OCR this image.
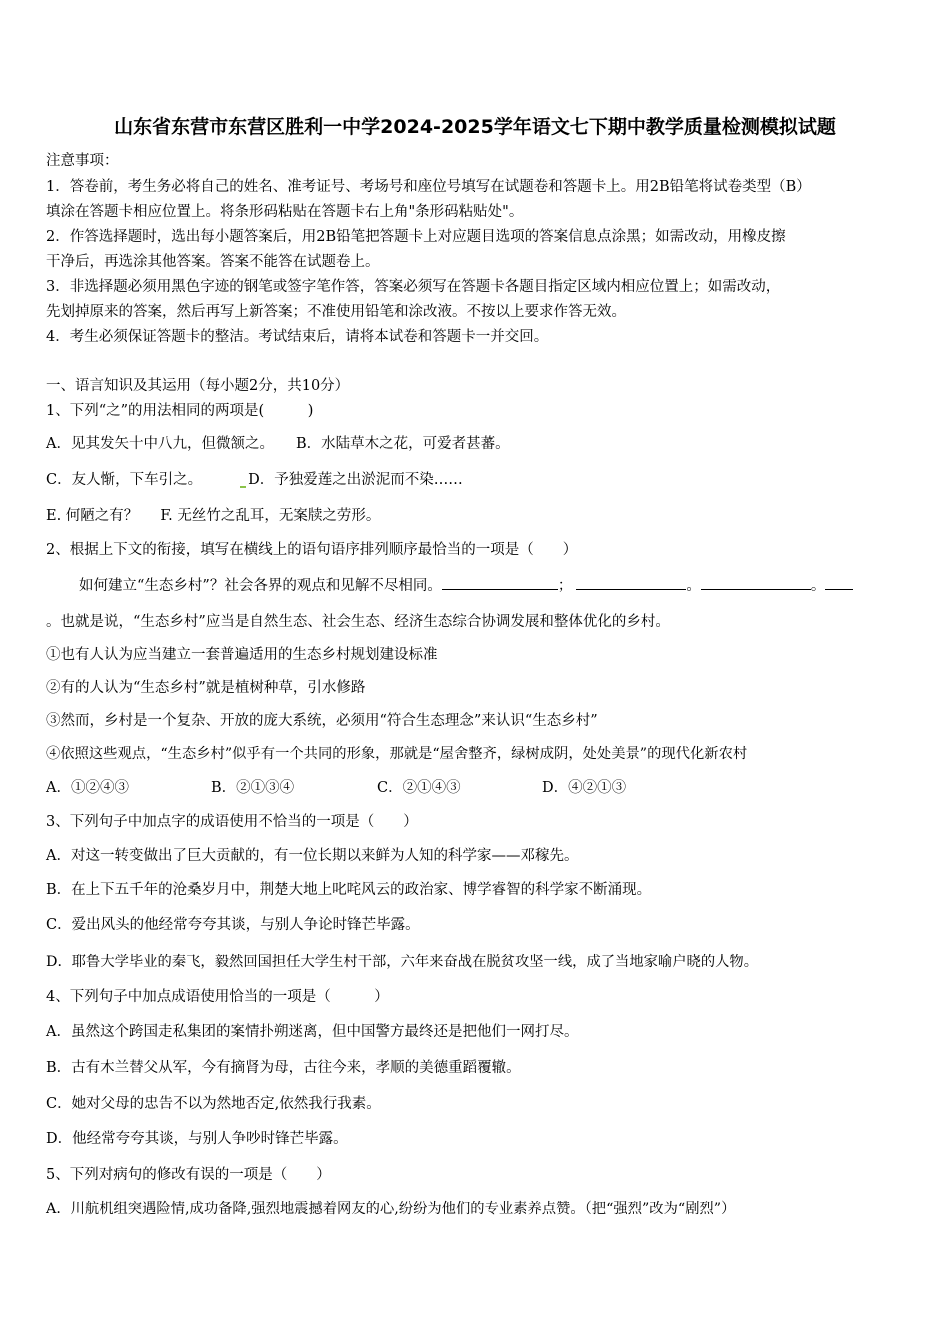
山东省东营市东营区胜利一中学2024-2025学年语文七下期中教学质量检测模拟试题
注意事项：
1．答卷前，考生务必将自己的姓名、准考证号、考场号和座位号填写在试题卷和答题卡上。用2B铅笔将试卷类型（B）
填涂在答题卡相应位置上。将条形码粘贴在答题卡右上角"条形码粘贴处"。
2．作答选择题时，选出每小题答案后，用2B铅笔把答题卡上对应题目选项的答案信息点涂黑；如需改动，用橡皮擦
干净后，再选涂其他答案。答案不能答在试题卷上。
3．非选择题必须用黑色字迹的钢笔或签字笔作答，答案必须写在答题卡各题目指定区域内相应位置上；如需改动，
先划掉原来的答案，然后再写上新答案；不准使用铅笔和涂改液。不按以上要求作答无效。
4．考生必须保证答题卡的整洁。考试结束后，请将本试卷和答题卡一并交回。
一、语言知识及其运用（每小题2分，共10分）
1、下列“之”的用法相同的两项是(　　　)
A．见其发矢十中八九，但微颔之。 B．水陆草木之花，可爱者甚蕃。
C．友人惭，下车引之。	D．予独爱莲之出淤泥而不染……
E. 何陋之有？ F. 无丝竹之乱耳，无案牍之劳形。
2、根据上下文的衔接，填写在横线上的语句语序排列顺序最恰当的一项是（　　）
如何建立“生态乡村”？社会各界的观点和见解不尽相同。	；	。	。
。也就是说，“生态乡村”应当是自然生态、社会生态、经济生态综合协调发展和整体优化的乡村。
①也有人认为应当建立一套普遍适用的生态乡村规划建设标准
②有的人认为“生态乡村”就是植树种草，引水修路
③然而，乡村是一个复杂、开放的庞大系统，必须用“符合生态理念”来认识“生态乡村”
④依照这些观点，“生态乡村”似乎有一个共同的形象，那就是“屋舍整齐，绿树成阴，处处美景”的现代化新农村
A．①②④③	B．②①③④	C．②①④③	D．④②①③
3、下列句子中加点字的成语使用不恰当的一项是（　　）
A．对这一转变做出了巨大贡献的，有一位长期以来鲜为人知的科学家——邓稼先。
B．在上下五千年的沧桑岁月中，荆楚大地上叱咤风云的政治家、博学睿智的科学家不断涌现。
C．爱出风头的他经常夸夸其谈，与别人争论时锋芒毕露。
D．耶鲁大学毕业的秦飞，毅然回国担任大学生村干部，六年来奋战在脱贫攻坚一线，成了当地家喻户晓的人物。
4、下列句子中加点成语使用恰当的一项是（　　　）
A．虽然这个跨国走私集团的案情扑朔迷离，但中国警方最终还是把他们一网打尽。
B．古有木兰替父从军，今有摘肾为母，古往今来，孝顺的美德重蹈覆辙。
C．她对父母的忠告不以为然地否定,依然我行我素。
D．他经常夸夸其谈，与别人争吵时锋芒毕露。
5、下列对病句的修改有误的一项是（　　）
A．川航机组突遇险情,成功备降,强烈地震撼着网友的心,纷纷为他们的专业素养点赞。（把“强烈”改为“剧烈”）
